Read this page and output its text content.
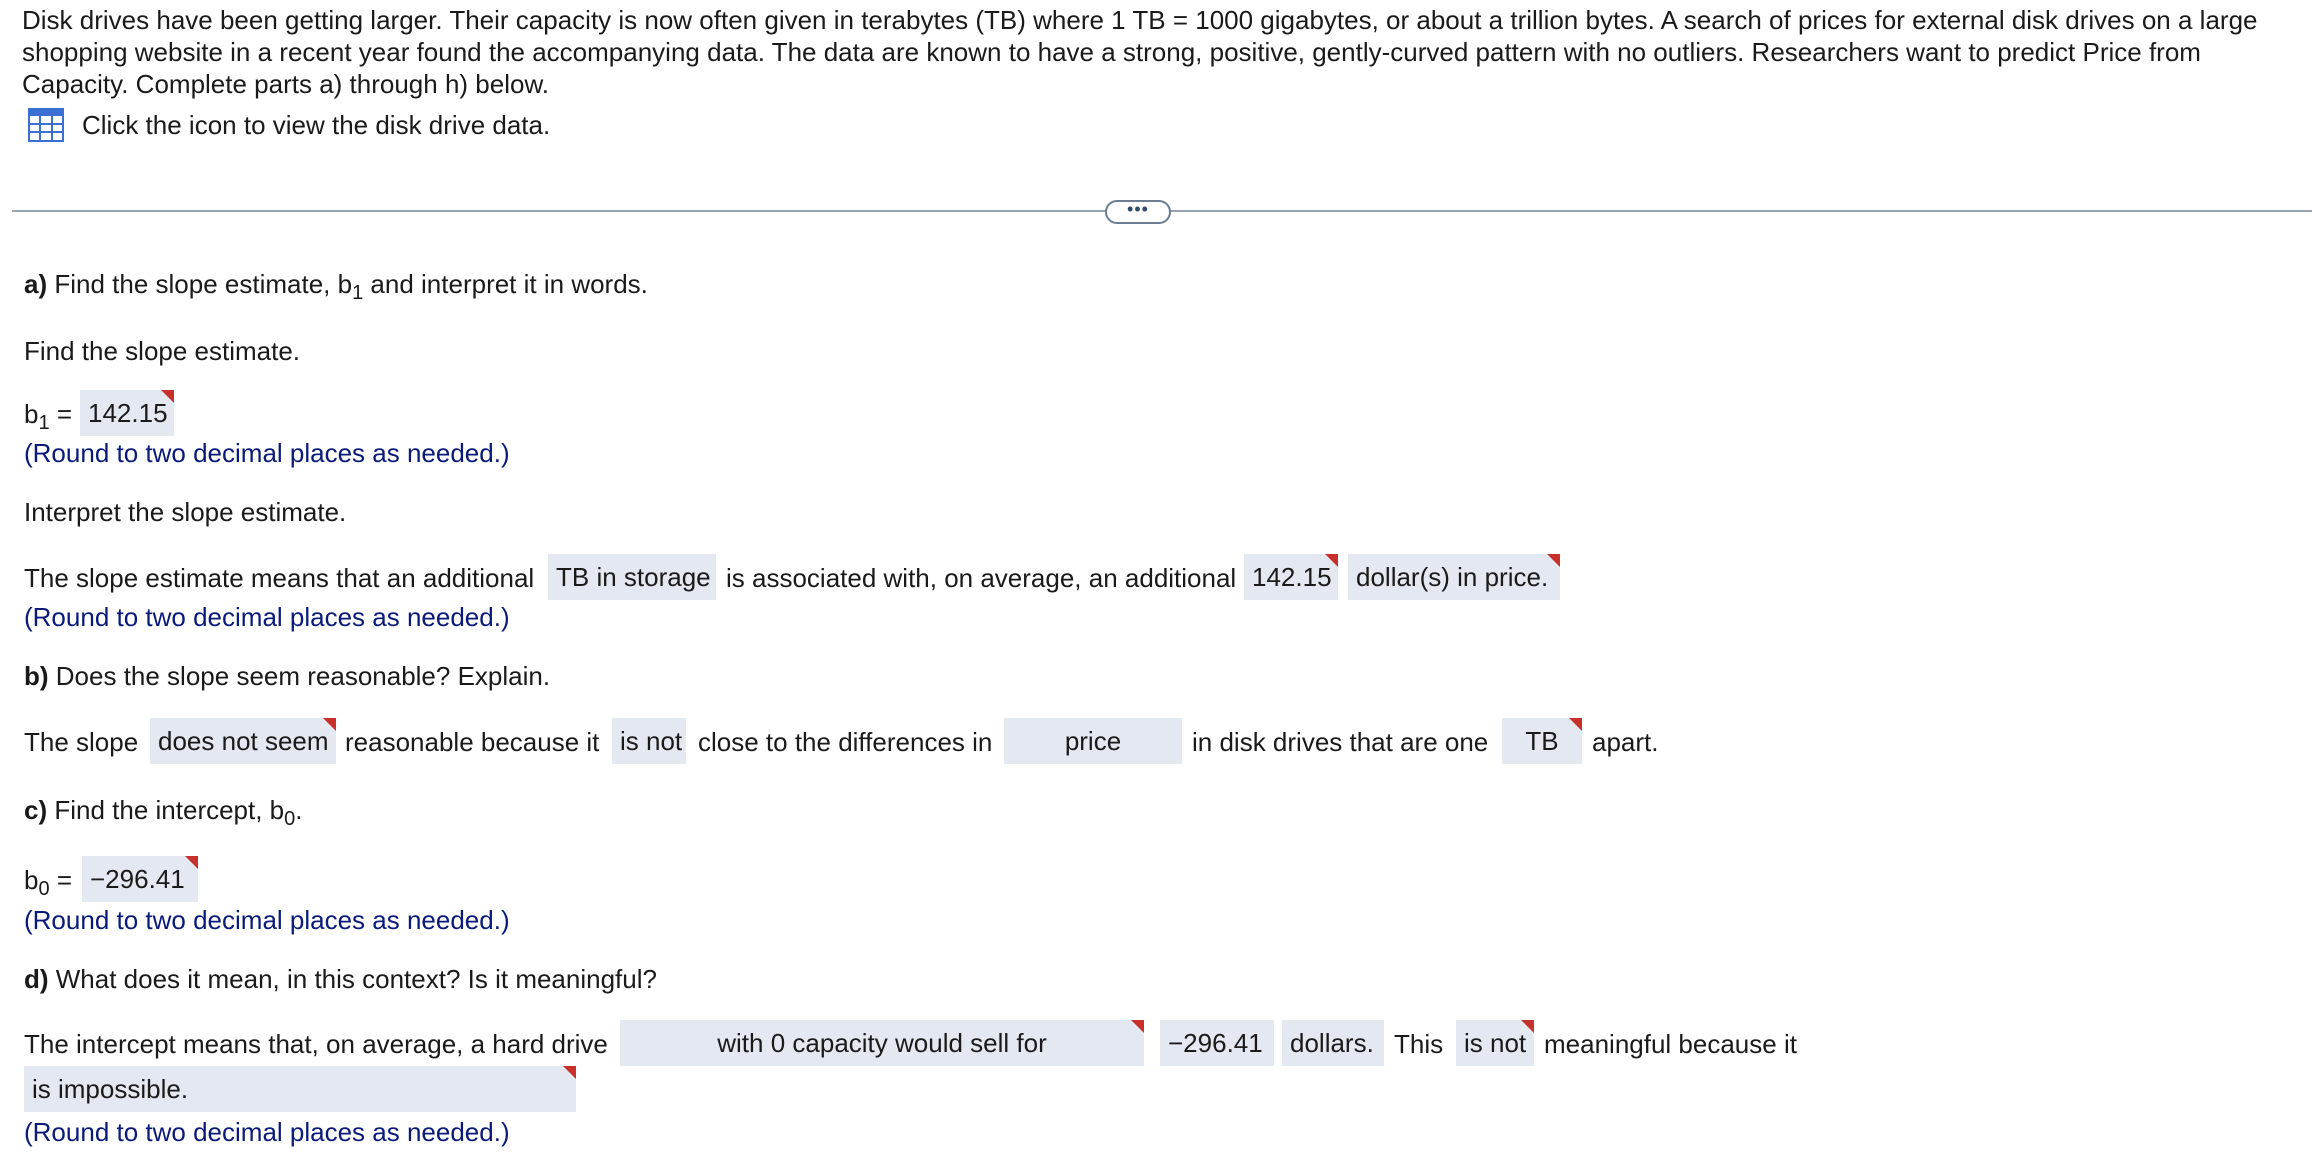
Disk drives have been getting larger. Their capacity is now often given in terabytes (TB) where 1 TB = 1000 gigabytes, or about a trillion bytes. A search of prices for external disk drives on a large shopping website in a recent year found the accompanying data. The data are known to have a strong, positive, gently-curved pattern with no outliers. Researchers want to predict Price from Capacity. Complete parts a) through h) below.

Click the icon to view the disk drive data.
•••
a) Find the slope estimate, $b_1$ and interpret it in words.
Find the slope estimate.
$b_1 = 142.15$
(Round to two decimal places as needed.)
Interpret the slope estimate.
The slope estimate means that an additional TB in storage is associated with, on average, an additional 142.15 dollar(s) in price.
(Round to two decimal places as needed.)
b) Does the slope seem reasonable? Explain.
The slope does not seem reasonable because it is not close to the differences in	price	in disk drives that are one	TB	apart.
c) Find the intercept, $b_0$.
$b_0 = -296.41$
(Round to two decimal places as needed.)
d) What does it mean, in this context? Is it meaningful?
The intercept means that, on average, a hard drive	with 0 capacity would sell for	−296.41	dollars. This is not meaningful because it
is impossible.
(Round to two decimal places as needed.)
